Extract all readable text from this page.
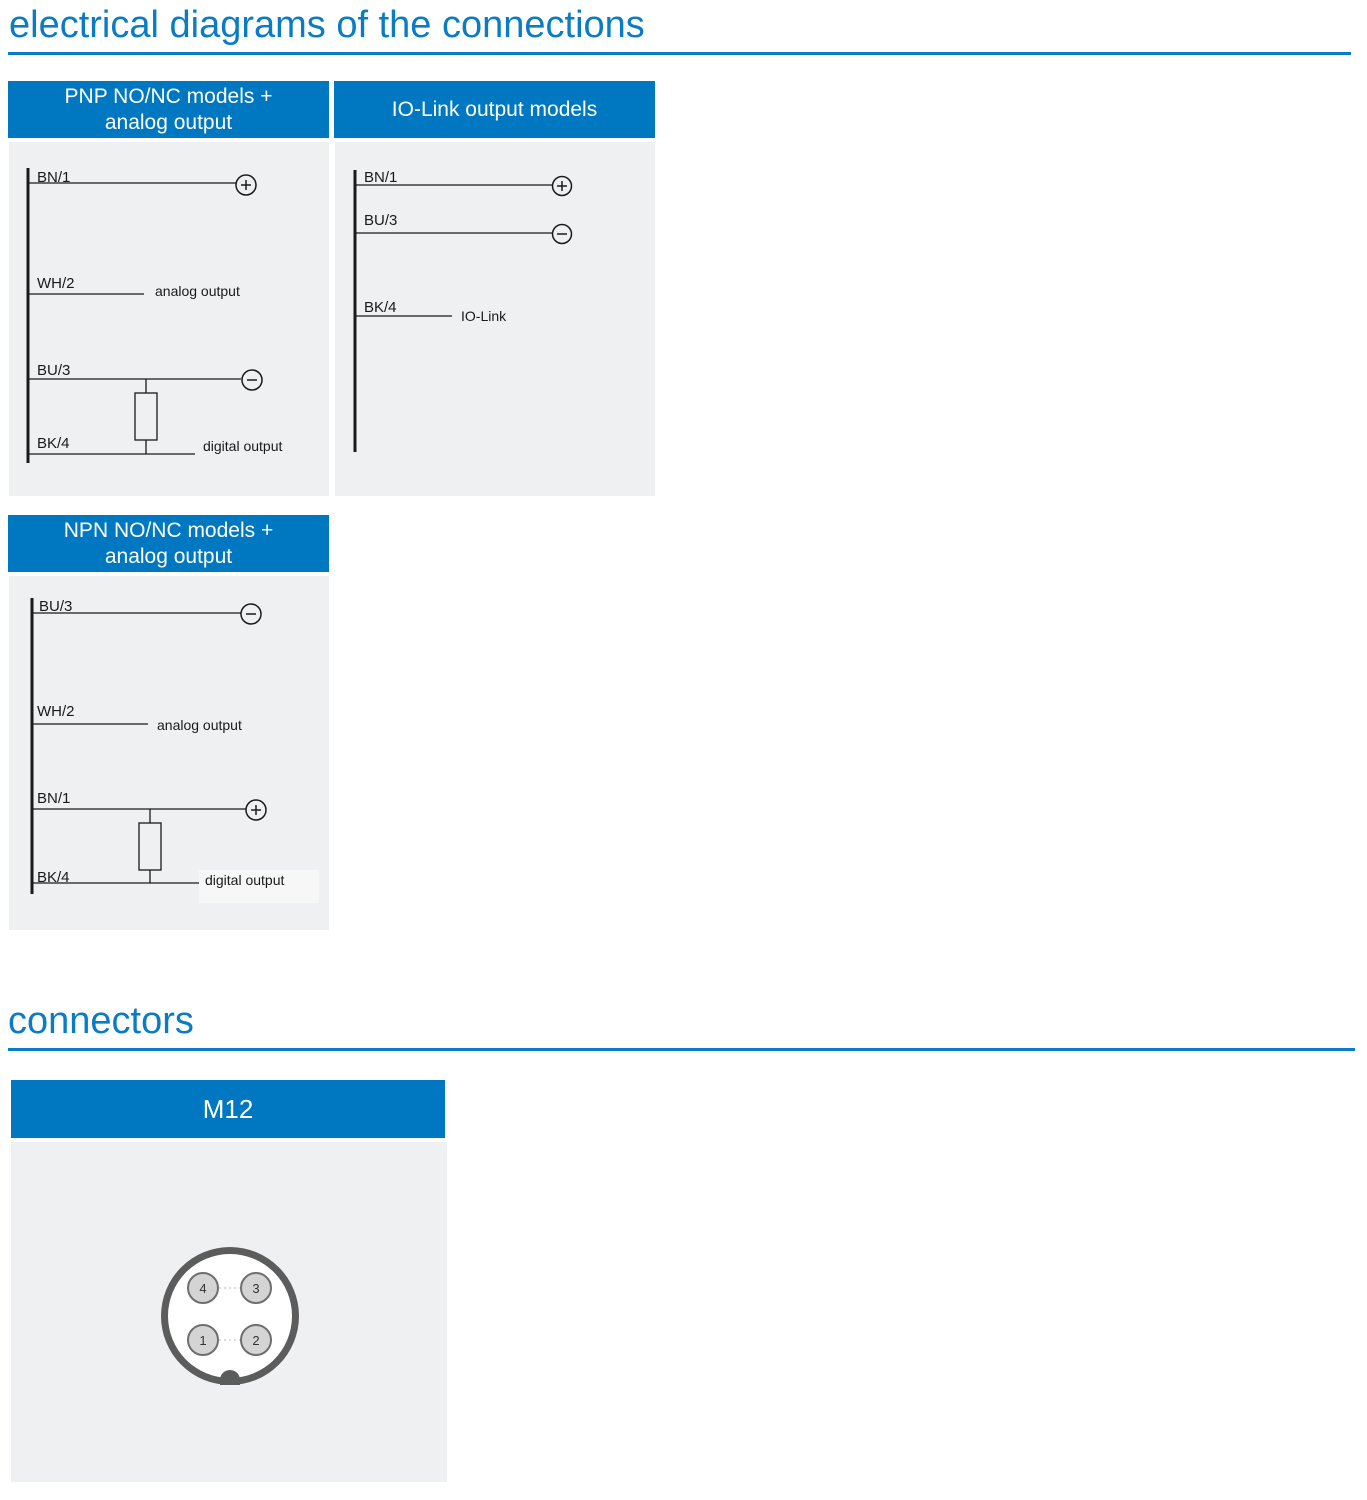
electrical diagrams of the connections
PNP NO/NC models +
analog output
BN/1
WH/2
BU/3
BK/4
analog output
digital output
IO-Link output models
BN/1
BU/3
BK/4	IO-Link
NPN NO/NC models +
analog output
BU/3
WH/2
BN/1
BK/4
analog output
digital output
connectors
M12
4	3
1	2
